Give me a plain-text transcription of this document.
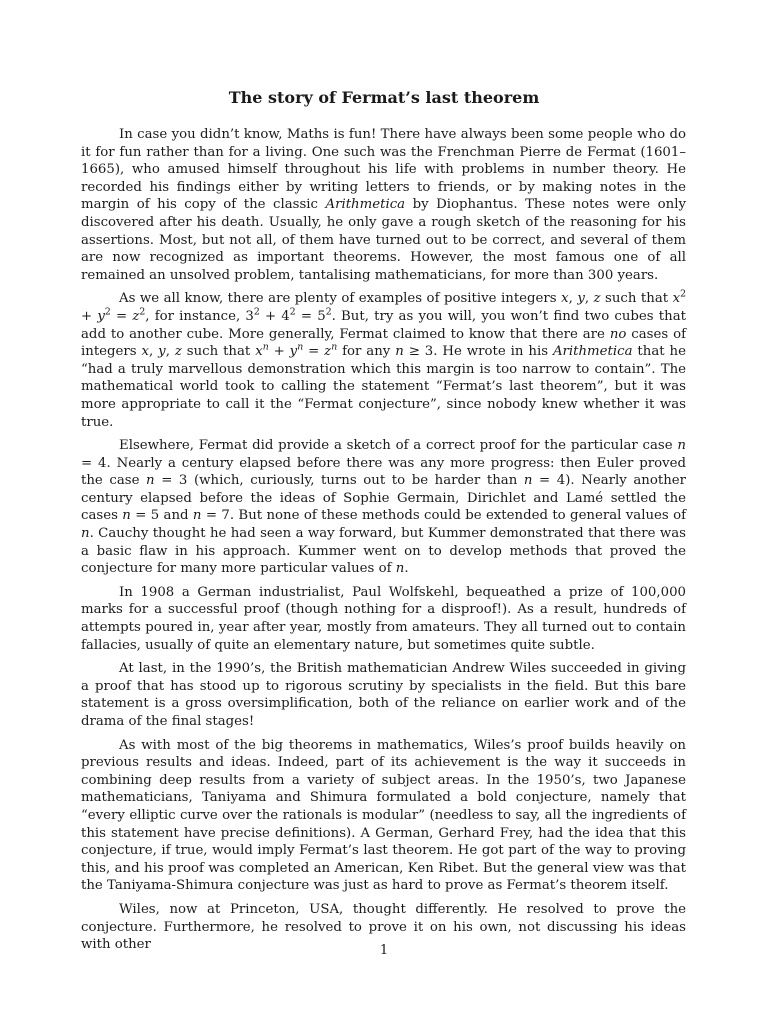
The story of Fermat’s last theorem

In case you didn’t know, Maths is fun! There have always been some people who do it for fun rather than for a living. One such was the Frenchman Pierre de Fermat (1601–1665), who amused himself throughout his life with problems in number theory. He recorded his findings either by writing letters to friends, or by making notes in the margin of his copy of the classic Arithmetica by Diophantus. These notes were only discovered after his death. Usually, he only gave a rough sketch of the reasoning for his assertions. Most, but not all, of them have turned out to be correct, and several of them are now recognized as important theorems. However, the most famous one of all remained an unsolved problem, tantalising mathematicians, for more than 300 years.

As we all know, there are plenty of examples of positive integers x, y, z such that $x^2 + y^2 = z^2$, for instance, $3^2 + 4^2 = 5^2$. But, try as you will, you won’t find two cubes that add to another cube. More generally, Fermat claimed to know that there are no cases of integers x, y, z such that $x^n + y^n = z^n$ for any n ≥ 3. He wrote in his Arithmetica that he “had a truly marvellous demonstration which this margin is too narrow to contain”. The mathematical world took to calling the statement “Fermat’s last theorem”, but it was more appropriate to call it the “Fermat conjecture”, since nobody knew whether it was true.

Elsewhere, Fermat did provide a sketch of a correct proof for the particular case n = 4. Nearly a century elapsed before there was any more progress: then Euler proved the case n = 3 (which, curiously, turns out to be harder than n = 4). Nearly another century elapsed before the ideas of Sophie Germain, Dirichlet and Lamé settled the cases n = 5 and n = 7. But none of these methods could be extended to general values of n. Cauchy thought he had seen a way forward, but Kummer demonstrated that there was a basic flaw in his approach. Kummer went on to develop methods that proved the conjecture for many more particular values of n.

In 1908 a German industrialist, Paul Wolfskehl, bequeathed a prize of 100,000 marks for a successful proof (though nothing for a disproof!). As a result, hundreds of attempts poured in, year after year, mostly from amateurs. They all turned out to contain fallacies, usually of quite an elementary nature, but sometimes quite subtle.

At last, in the 1990’s, the British mathematician Andrew Wiles succeeded in giving a proof that has stood up to rigorous scrutiny by specialists in the field. But this bare statement is a gross oversimplification, both of the reliance on earlier work and of the drama of the final stages!

As with most of the big theorems in mathematics, Wiles’s proof builds heavily on previous results and ideas. Indeed, part of its achievement is the way it succeeds in combining deep results from a variety of subject areas. In the 1950’s, two Japanese mathematicians, Taniyama and Shimura formulated a bold conjecture, namely that “every elliptic curve over the rationals is modular” (needless to say, all the ingredients of this statement have precise definitions). A German, Gerhard Frey, had the idea that this conjecture, if true, would imply Fermat’s last theorem. He got part of the way to proving this, and his proof was completed an American, Ken Ribet. But the general view was that the Taniyama-Shimura conjecture was just as hard to prove as Fermat’s theorem itself.

Wiles, now at Princeton, USA, thought differently. He resolved to prove the conjecture. Furthermore, he resolved to prove it on his own, not discussing his ideas with other	1
